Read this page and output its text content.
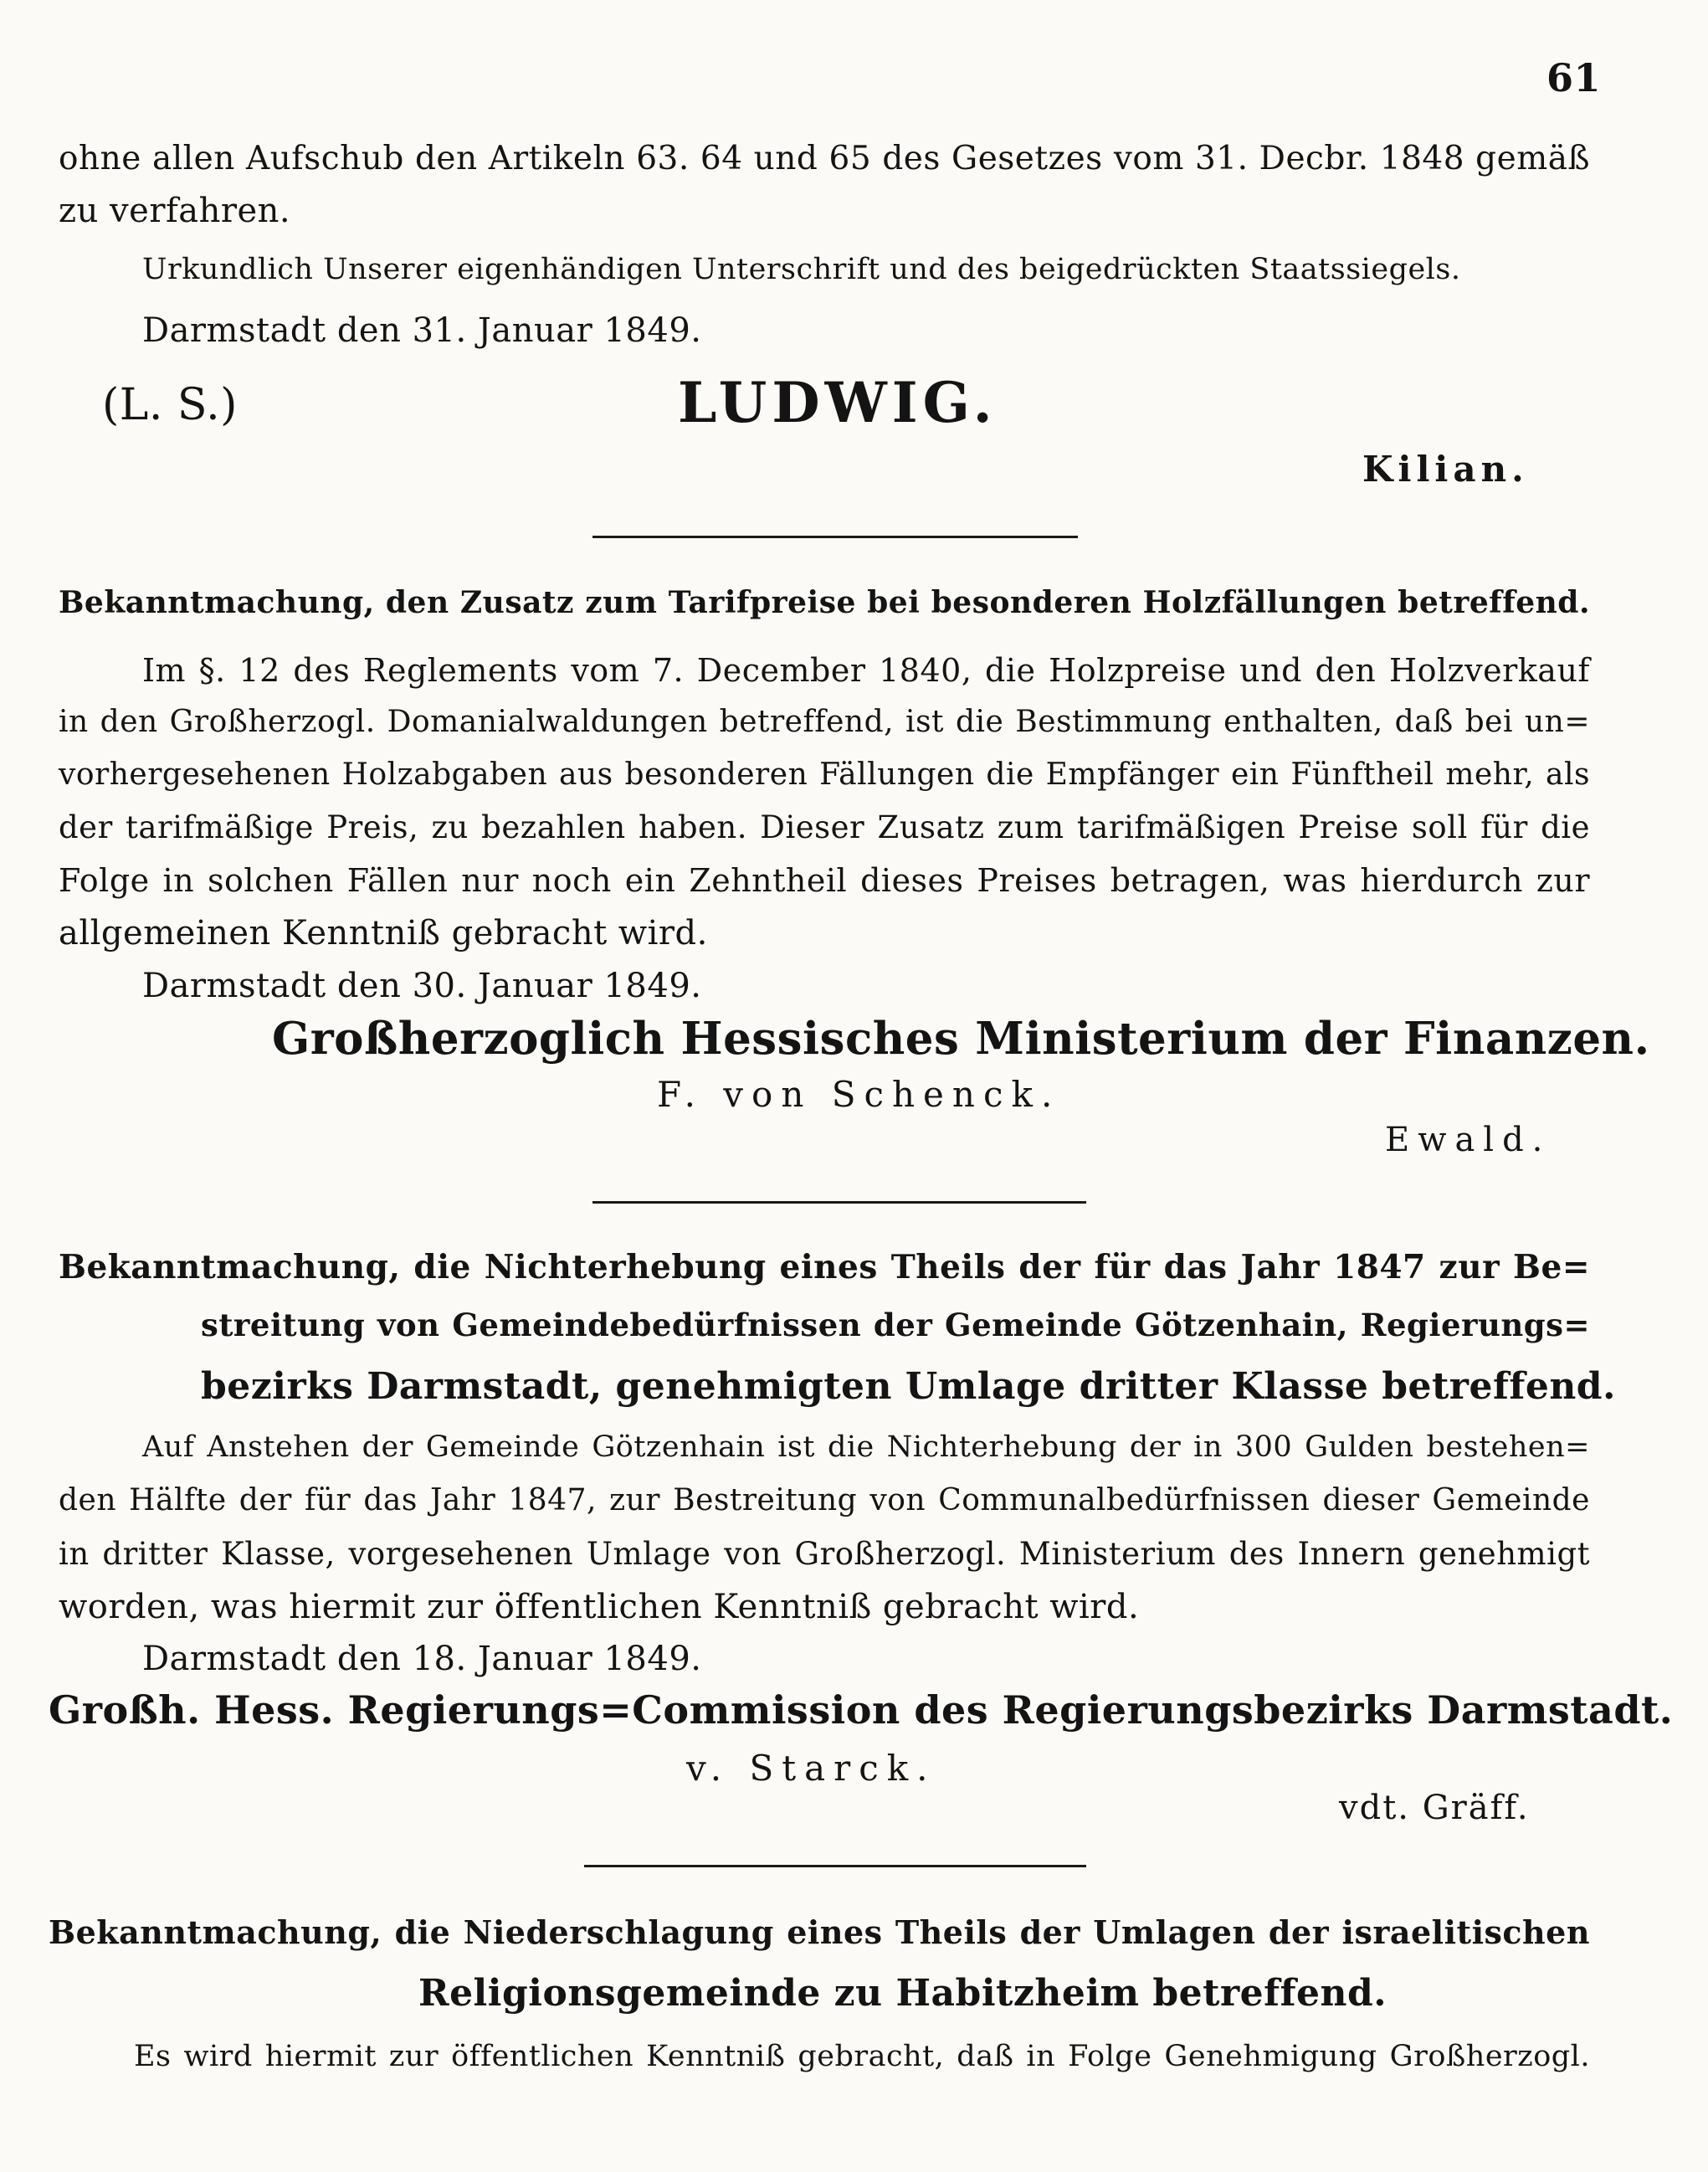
61
ohne allen Aufschub den Artikeln 63. 64 und 65 des Gesetzes vom 31. Decbr. 1848 gemäß
zu verfahren.
Urkundlich Unserer eigenhändigen Unterschrift und des beigedrückten Staatssiegels.
Darmstadt den 31. Januar 1849.
(L. S.)	LUDWIG.
Kilian.
Bekanntmachung, den Zusatz zum Tarifpreise bei besonderen Holzfällungen betreffend.
Im §. 12 des Reglements vom 7. December 1840, die Holzpreise und den Holzverkauf
in den Großherzogl. Domanialwaldungen betreffend, ist die Bestimmung enthalten, daß bei un=
vorhergesehenen Holzabgaben aus besonderen Fällungen die Empfänger ein Fünftheil mehr, als
der tarifmäßige Preis, zu bezahlen haben. Dieser Zusatz zum tarifmäßigen Preise soll für die
Folge in solchen Fällen nur noch ein Zehntheil dieses Preises betragen, was hierdurch zur
allgemeinen Kenntniß gebracht wird.
Darmstadt den 30. Januar 1849.
Großherzoglich Hessisches Ministerium der Finanzen.
F. von Schenck.
Ewald.
Bekanntmachung, die Nichterhebung eines Theils der für das Jahr 1847 zur Be=
streitung von Gemeindebedürfnissen der Gemeinde Götzenhain, Regierungs=
bezirks Darmstadt, genehmigten Umlage dritter Klasse betreffend.
Auf Anstehen der Gemeinde Götzenhain ist die Nichterhebung der in 300 Gulden bestehen=
den Hälfte der für das Jahr 1847, zur Bestreitung von Communalbedürfnissen dieser Gemeinde
in dritter Klasse, vorgesehenen Umlage von Großherzogl. Ministerium des Innern genehmigt
worden, was hiermit zur öffentlichen Kenntniß gebracht wird.
Darmstadt den 18. Januar 1849.
Großh. Hess. Regierungs=Commission des Regierungsbezirks Darmstadt.
v. Starck.
vdt. Gräff.
Bekanntmachung, die Niederschlagung eines Theils der Umlagen der israelitischen
Religionsgemeinde zu Habitzheim betreffend.
Es wird hiermit zur öffentlichen Kenntniß gebracht, daß in Folge Genehmigung Großherzogl.
